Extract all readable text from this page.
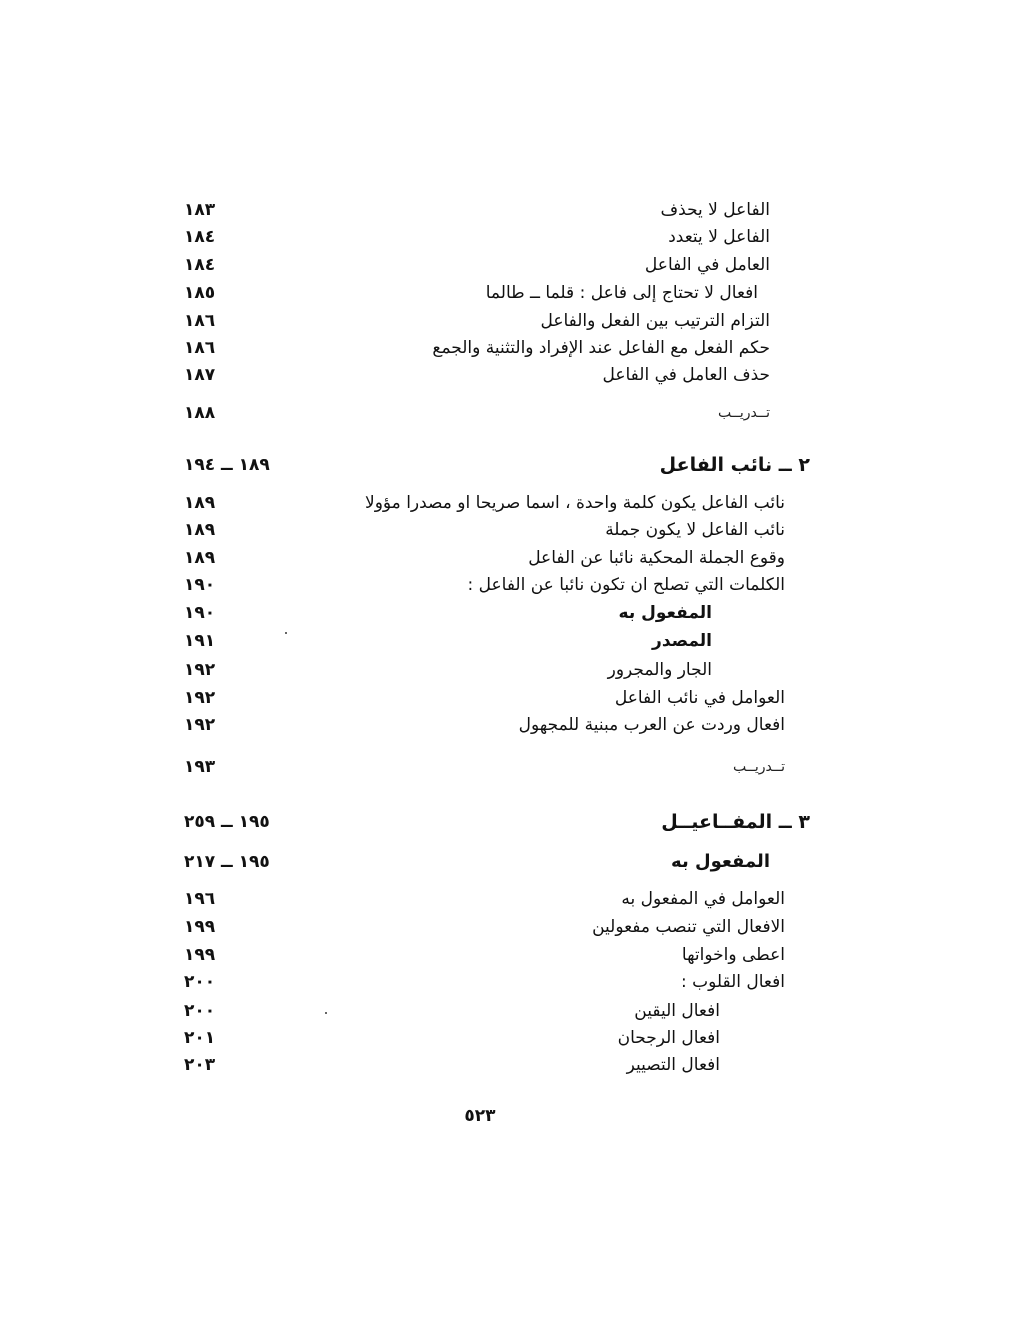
الفاعل لا يحذف
١٨٣
الفاعل لا يتعدد
١٨٤
العامل في الفاعل
١٨٤
افعال لا تحتاج إلى فاعل : قلما ــ طالما
١٨٥
التزام الترتيب بين الفعل والفاعل
١٨٦
حكم الفعل مع الفاعل عند الإفراد والتثنية والجمع
١٨٦
حذف العامل في الفاعل
١٨٧
تــدريــب
١٨٨
٢ ــ نائب الفاعل
١٨٩ ــ ١٩٤
نائب الفاعل يكون كلمة واحدة ، اسما صريحا او مصدرا مؤولا
١٨٩
نائب الفاعل لا يكون جملة
١٨٩
وقوع الجملة المحكية نائبا عن الفاعل
١٨٩
الكلمات التي تصلح ان تكون نائبا عن الفاعل :
١٩٠
المفعول به
١٩٠
المصدر
١٩١
الجار والمجرور
١٩٢
العوامل في نائب الفاعل
١٩٢
افعال وردت عن العرب مبنية للمجهول
١٩٢
تــدريــب
١٩٣
٣ ــ المفــاعيــل
١٩٥ ــ ٢٥٩
المفعول به
١٩٥ ــ ٢١٧
العوامل في المفعول به
١٩٦
الافعال التي تنصب مفعولين
١٩٩
اعطى واخواتها
١٩٩
افعال القلوب :
٢٠٠
افعال اليقين
٢٠٠
افعال الرجحان
٢٠١
افعال التصيير
٢٠٣
٥٢٣
